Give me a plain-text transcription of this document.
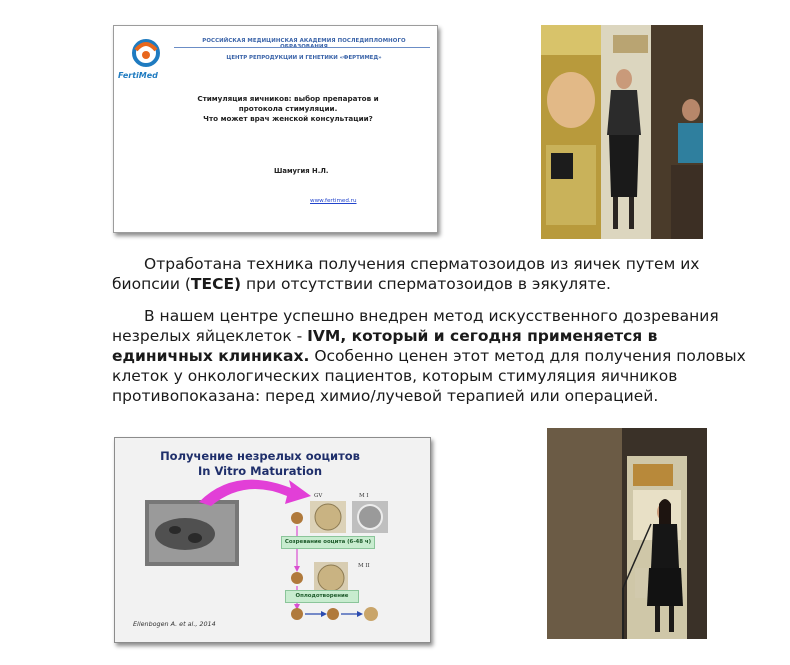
FertiMed
РОССИЙСКАЯ МЕДИЦИНСКАЯ АКАДЕМИЯ ПОСЛЕДИПЛОМНОГО
ЦЕНТР РЕПРОДУКЦИИ И ГЕНЕТИКИ «ФЕРТИМЕД»
Стимуляция яичников: выбор препаратов и
протокола стимуляции.
Что может врач женской консультации?
Шамугия Н.Л.
www.fertimed.ru
Отработана техника получения сперматозоидов из яичек путем их биопсии (TECE) при отсутствии сперматозоидов в эякуляте.
В нашем центре успешно внедрен метод искусственного дозревания незрелых яйцеклеток - IVM, который и сегодня применяется в единичных клиниках. Особенно ценен этот метод для получения половых клеток у онкологических пациентов, которым стимуляция яичников противопоказана: перед химио/лучевой терапией или операцией.
Получение незрелых ооцитов
In Vitro Maturation
GV	M I
M II
Созревание ооцита (6-48 ч)
Оплодотворение
Ellenbogen A. et al., 2014
